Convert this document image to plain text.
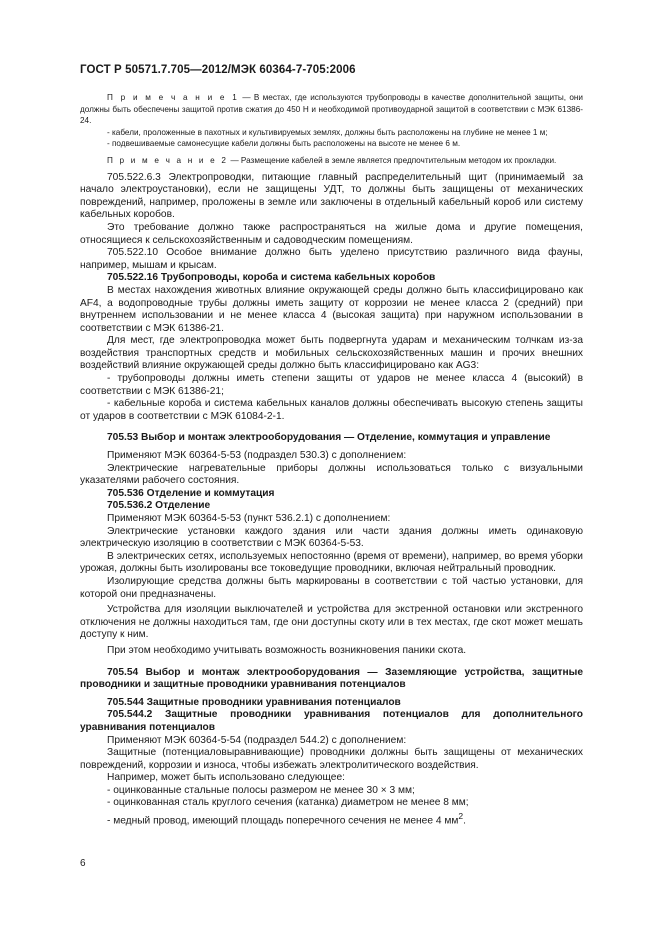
ГОСТ Р 50571.7.705—2012/МЭК 60364-7-705:2006

П р и м е ч а н и е 1 — В местах, где используются трубопроводы в качестве дополнительной защиты, они должны быть обеспечены защитой против сжатия до 450 Н и необходимой противоударной защитой в соответствии с МЭК 61386-24.

- кабели, проложенные в пахотных и культивируемых землях, должны быть расположены на глубине не менее 1 м;

- подвешиваемые самонесущие кабели должны быть расположены на высоте не менее 6 м.

П р и м е ч а н и е 2 — Размещение кабелей в земле является предпочтительным методом их прокладки.

705.522.6.3 Электропроводки, питающие главный распределительный щит (принимаемый за начало электроустановки), если не защищены УДТ, то должны быть защищены от механических повреждений, например, проложены в земле или заключены в отдельный кабельный короб или систему кабельных коробов.

Это требование должно также распространяться на жилые дома и другие помещения, относящиеся к сельскохозяйственным и садоводческим помещениям.

705.522.10 Особое внимание должно быть уделено присутствию различного вида фауны, например, мышам и крысам.

705.522.16 Трубопроводы, короба и система кабельных коробов

В местах нахождения животных влияние окружающей среды должно быть классифицировано как AF4, а водопроводные трубы должны иметь защиту от коррозии не менее класса 2 (средний) при внутреннем использовании и не менее класса 4 (высокая защита) при наружном использовании в соответствии с МЭК 61386-21.

Для мест, где электропроводка может быть подвергнута ударам и механическим толчкам из-за воздействия транспортных средств и мобильных сельскохозяйственных машин и прочих внешних воздействий влияние окружающей среды должно быть классифицировано как AG3:

- трубопроводы должны иметь степени защиты от ударов не менее класса 4 (высокий) в соответствии с МЭК 61386-21;

- кабельные короба и система кабельных каналов должны обеспечивать высокую степень защиты от ударов в соответствии с МЭК 61084-2-1.

705.53 Выбор и монтаж электрооборудования — Отделение, коммутация и управление

Применяют МЭК 60364-5-53 (подраздел 530.3) с дополнением:

Электрические нагревательные приборы должны использоваться только с визуальными указателями рабочего состояния.

705.536 Отделение и коммутация

705.536.2 Отделение

Применяют МЭК 60364-5-53 (пункт 536.2.1) с дополнением:

Электрические установки каждого здания или части здания должны иметь одинаковую электрическую изоляцию в соответствии с МЭК 60364-5-53.

В электрических сетях, используемых непостоянно (время от времени), например, во время уборки урожая, должны быть изолированы все токоведущие проводники, включая нейтральный проводник.

Изолирующие средства должны быть маркированы в соответствии с той частью установки, для которой они предназначены.

Устройства для изоляции выключателей и устройства для экстренной остановки или экстренного отключения не должны находиться там, где они доступны скоту или в тех местах, где скот может мешать доступу к ним.

При этом необходимо учитывать возможность возникновения паники скота.

705.54 Выбор и монтаж электрооборудования — Заземляющие устройства, защитные проводники и защитные проводники уравнивания потенциалов

705.544 Защитные проводники уравнивания потенциалов

705.544.2 Защитные проводники уравнивания потенциалов для дополнительного уравнивания потенциалов

Применяют МЭК 60364-5-54 (подраздел 544.2) с дополнением:

Защитные (потенциаловыравнивающие) проводники должны быть защищены от механических повреждений, коррозии и износа, чтобы избежать электролитического воздействия.

Например, может быть использовано следующее:

- оцинкованные стальные полосы размером не менее 30 × 3 мм;

- оцинкованная сталь круглого сечения (катанка) диаметром не менее 8 мм;

- медный провод, имеющий площадь поперечного сечения не менее 4 $мм^2$.

6
